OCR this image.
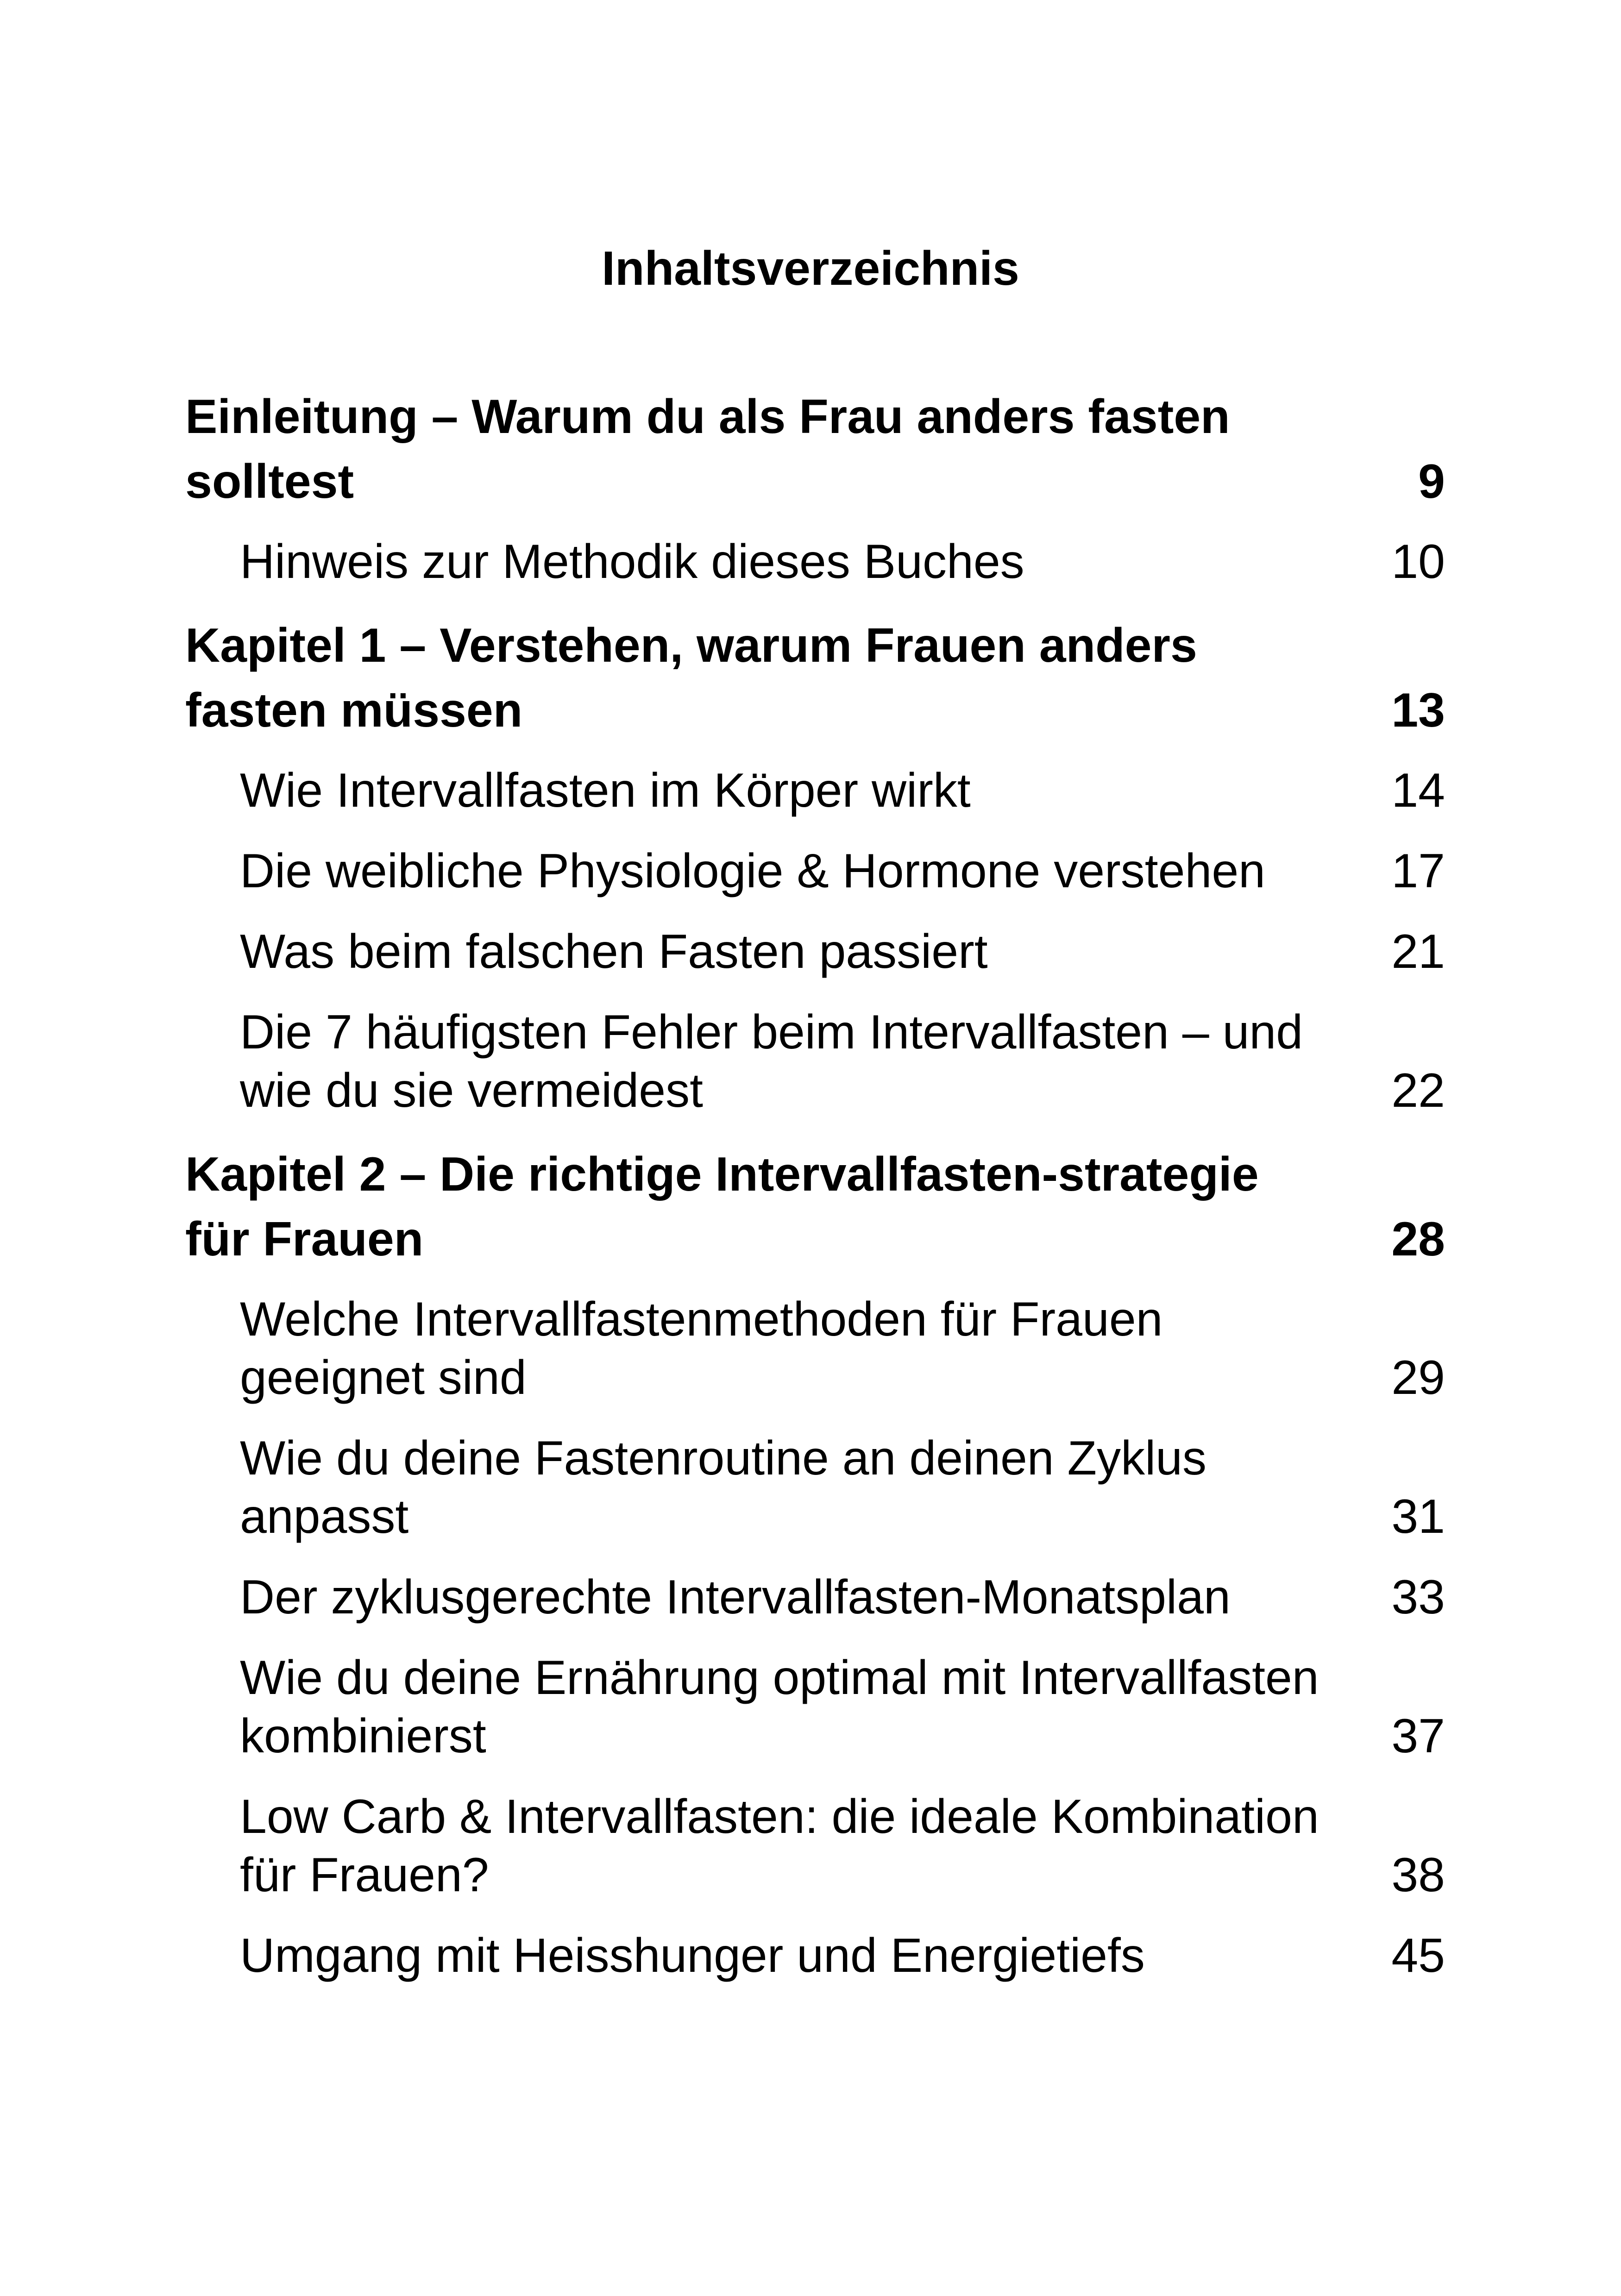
Inhaltsverzeichnis
Einleitung – Warum du als Frau anders fasten
solltest	9
Hinweis zur Methodik dieses Buches	10
Kapitel 1 – Verstehen, warum Frauen anders
fasten müssen	13
Wie Intervallfasten im Körper wirkt	14
Die weibliche Physiologie & Hormone verstehen	17
Was beim falschen Fasten passiert	21
Die 7 häufigsten Fehler beim Intervallfasten – und
wie du sie vermeidest	22
Kapitel 2 – Die richtige Intervallfasten-strategie
für Frauen	28
Welche Intervallfastenmethoden für Frauen
geeignet sind	29
Wie du deine Fastenroutine an deinen Zyklus
anpasst	31
Der zyklusgerechte Intervallfasten-Monatsplan	33
Wie du deine Ernährung optimal mit Intervallfasten
kombinierst	37
Low Carb & Intervallfasten: die ideale Kombination
für Frauen?	38
Umgang mit Heisshunger und Energietiefs	45
